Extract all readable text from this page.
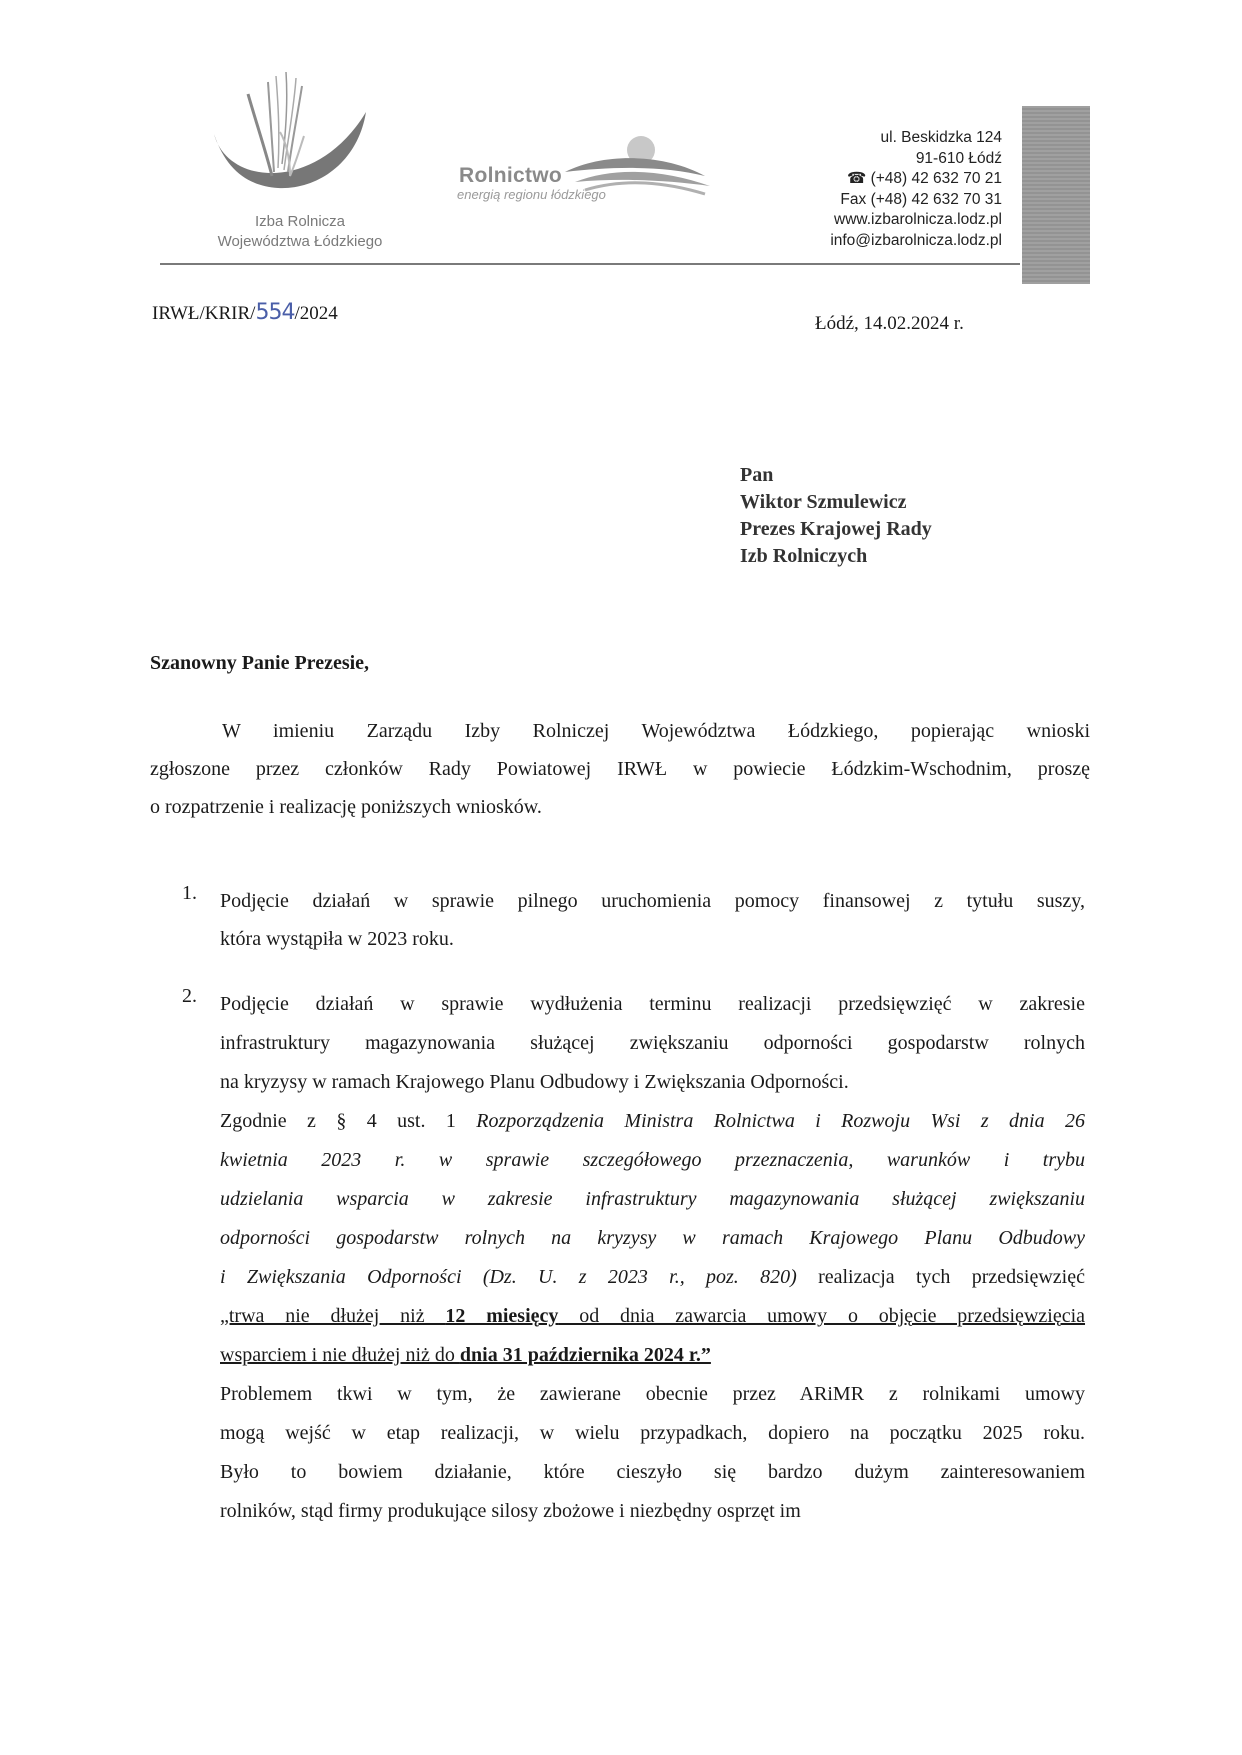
Izba Rolnicza
Województwa Łódzkiego
Rolnictwo
energią regionu łódzkiego
ul. Beskidzka 124
91-610 Łódź
☎ (+48) 42 632 70 21
Fax (+48) 42 632 70 31
www.izbarolnicza.lodz.pl
info@izbarolnicza.lodz.pl
IRWŁ/KRIR/554/2024	Łódź, 14.02.2024 r.
Pan
Wiktor Szmulewicz
Prezes Krajowej Rady
Izb Rolniczych
Szanowny Panie Prezesie,
W imieniu Zarządu Izby Rolniczej Województwa Łódzkiego, popierając wnioski
zgłoszone przez członków Rady Powiatowej IRWŁ w powiecie Łódzkim-Wschodnim, proszę
o rozpatrzenie i realizację poniższych wniosków.
1. Podjęcie działań w sprawie pilnego uruchomienia pomocy finansowej z tytułu suszy,
która wystąpiła w 2023 roku.
2. Podjęcie działań w sprawie wydłużenia terminu realizacji przedsięwzięć w zakresie
infrastruktury magazynowania służącej zwiększaniu odporności gospodarstw rolnych
na kryzysy w ramach Krajowego Planu Odbudowy i Zwiększania Odporności.
Zgodnie z § 4 ust. 1 Rozporządzenia Ministra Rolnictwa i Rozwoju Wsi z dnia 26
kwietnia 2023 r. w sprawie szczegółowego przeznaczenia, warunków i trybu
udzielania wsparcia w zakresie infrastruktury magazynowania służącej zwiększaniu
odporności gospodarstw rolnych na kryzysy w ramach Krajowego Planu Odbudowy
i Zwiększania Odporności (Dz. U. z 2023 r., poz. 820) realizacja tych przedsięwzięć
„trwa nie dłużej niż 12 miesięcy od dnia zawarcia umowy o objęcie przedsięwzięcia
wsparciem i nie dłużej niż do dnia 31 października 2024 r.”
Problemem tkwi w tym, że zawierane obecnie przez ARiMR z rolnikami umowy
mogą wejść w etap realizacji, w wielu przypadkach, dopiero na początku 2025 roku.
Było to bowiem działanie, które cieszyło się bardzo dużym zainteresowaniem
rolników, stąd firmy produkujące silosy zbożowe i niezbędny osprzęt im
